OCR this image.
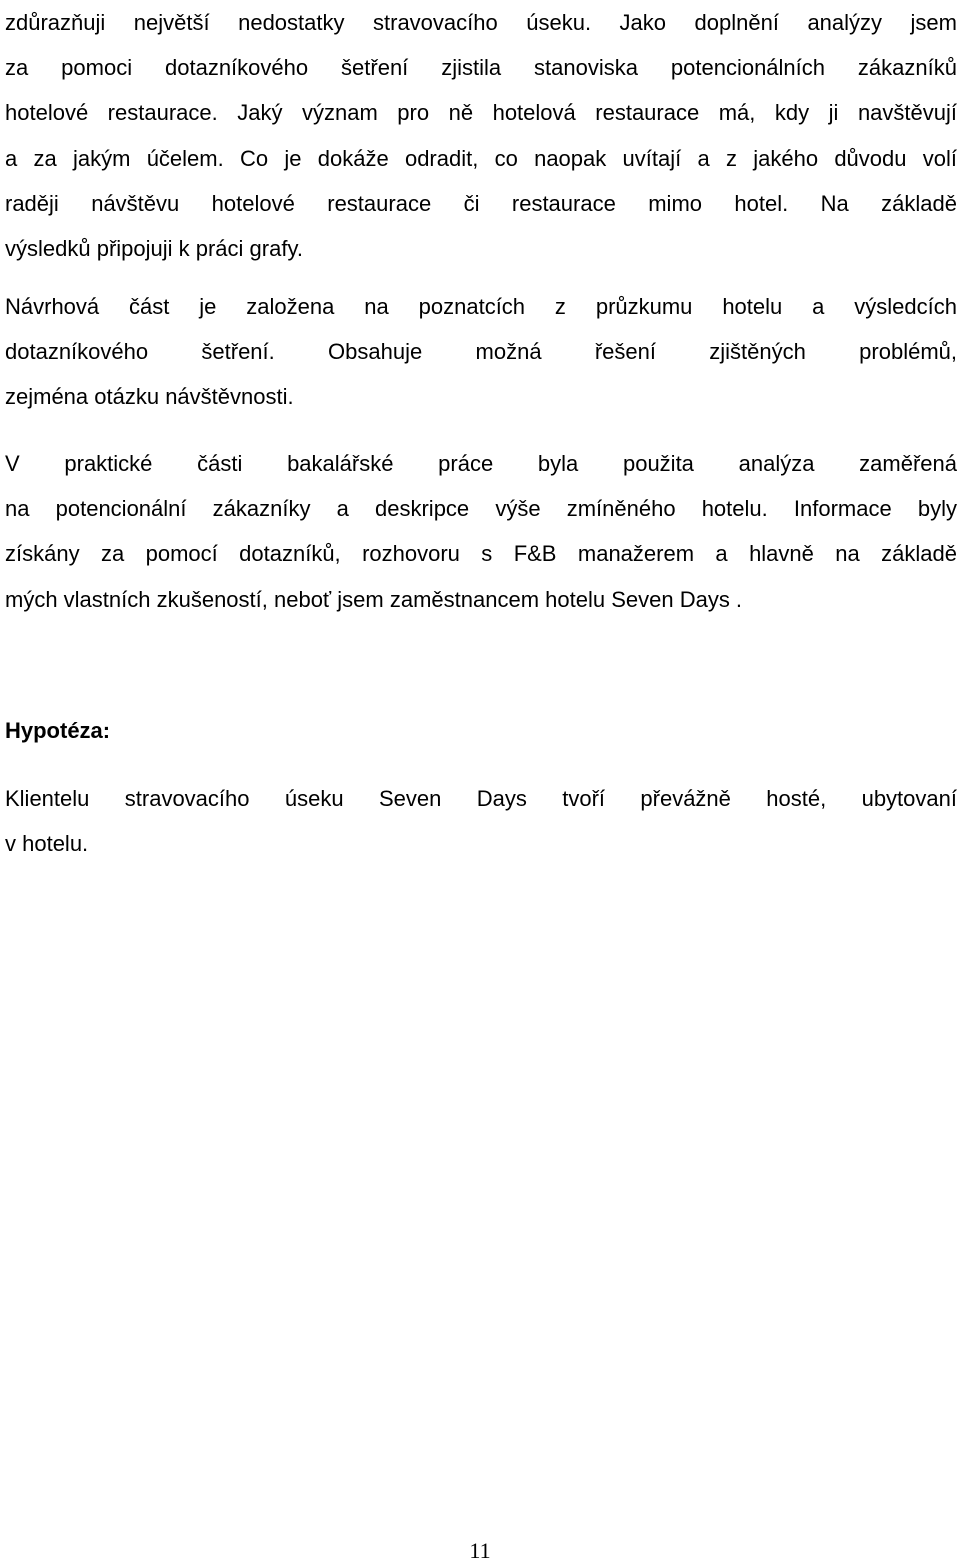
zdůrazňuji největší nedostatky stravovacího úseku. Jako doplnění analýzy jsem
za pomoci dotazníkového šetření zjistila stanoviska potencionálních zákazníků
hotelové restaurace. Jaký význam pro ně hotelová restaurace má, kdy ji navštěvují
a za jakým účelem. Co je dokáže odradit, co naopak uvítají a z jakého důvodu volí
raději návštěvu hotelové restaurace či restaurace mimo hotel. Na základě
výsledků připojuji k práci grafy.
Návrhová část je založena na poznatcích z průzkumu hotelu a výsledcích
dotazníkového šetření. Obsahuje možná řešení zjištěných problémů,
zejména otázku návštěvnosti.
V praktické části bakalářské práce byla použita analýza zaměřená
na potencionální zákazníky a deskripce výše zmíněného hotelu. Informace byly
získány za pomocí dotazníků, rozhovoru s F&B manažerem a hlavně na základě
mých vlastních zkušeností, neboť jsem zaměstnancem hotelu Seven Days .
Hypotéza:
Klientelu stravovacího úseku Seven Days tvoří převážně hosté, ubytovaní
v hotelu.
11
